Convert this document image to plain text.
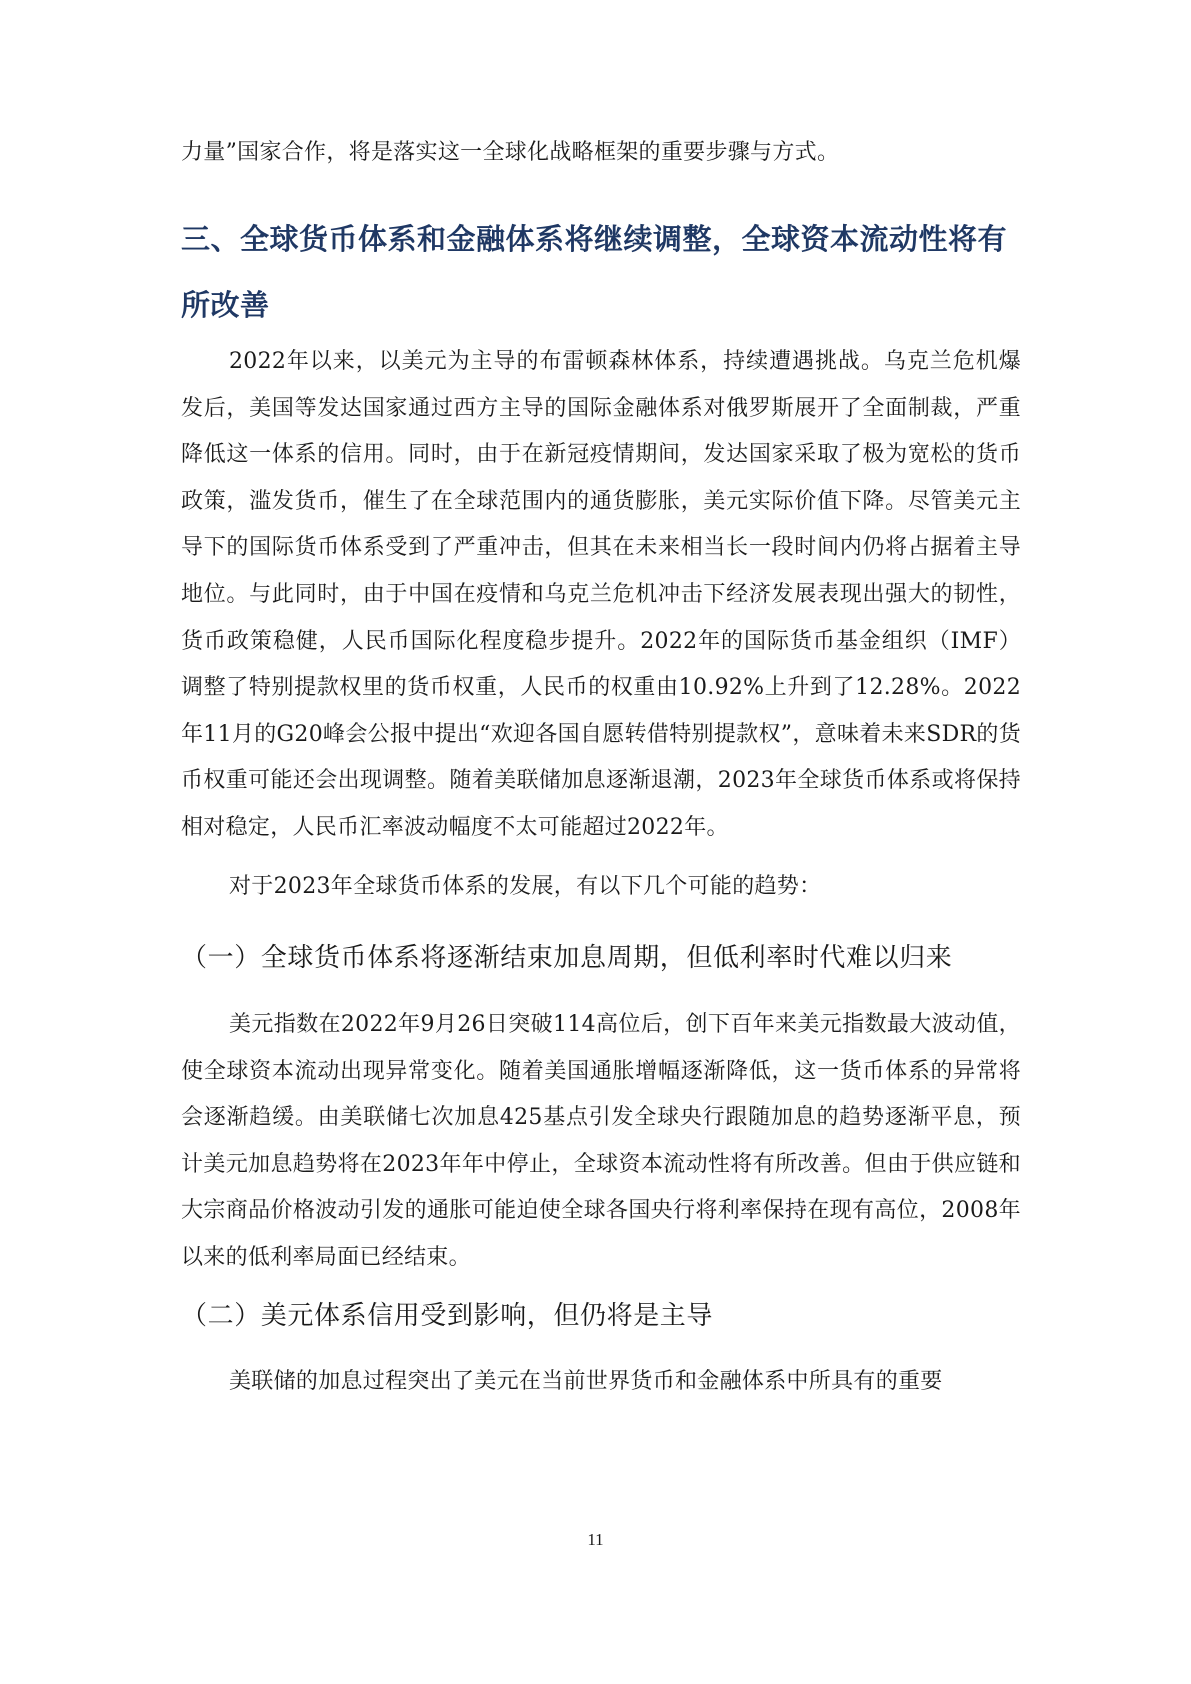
力量”国家合作，将是落实这一全球化战略框架的重要步骤与方式。
三、全球货币体系和金融体系将继续调整，全球资本流动性将有所改善
2022年以来，以美元为主导的布雷顿森林体系，持续遭遇挑战。乌克兰危机爆发后，美国等发达国家通过西方主导的国际金融体系对俄罗斯展开了全面制裁，严重降低这一体系的信用。同时，由于在新冠疫情期间，发达国家采取了极为宽松的货币政策，滥发货币，催生了在全球范围内的通货膨胀，美元实际价值下降。尽管美元主导下的国际货币体系受到了严重冲击，但其在未来相当长一段时间内仍将占据着主导地位。与此同时，由于中国在疫情和乌克兰危机冲击下经济发展表现出强大的韧性，货币政策稳健，人民币国际化程度稳步提升。2022年的国际货币基金组织（IMF）调整了特别提款权里的货币权重，人民币的权重由10.92%上升到了12.28%。2022年11月的G20峰会公报中提出“欢迎各国自愿转借特别提款权”，意味着未来SDR的货币权重可能还会出现调整。随着美联储加息逐渐退潮，2023年全球货币体系或将保持相对稳定，人民币汇率波动幅度不太可能超过2022年。
对于2023年全球货币体系的发展，有以下几个可能的趋势：
（一）全球货币体系将逐渐结束加息周期，但低利率时代难以归来
美元指数在2022年9月26日突破114高位后，创下百年来美元指数最大波动值，使全球资本流动出现异常变化。随着美国通胀增幅逐渐降低，这一货币体系的异常将会逐渐趋缓。由美联储七次加息425基点引发全球央行跟随加息的趋势逐渐平息，预计美元加息趋势将在2023年年中停止，全球资本流动性将有所改善。但由于供应链和大宗商品价格波动引发的通胀可能迫使全球各国央行将利率保持在现有高位，2008年以来的低利率局面已经结束。
（二）美元体系信用受到影响，但仍将是主导
美联储的加息过程突出了美元在当前世界货币和金融体系中所具有的重要
11
